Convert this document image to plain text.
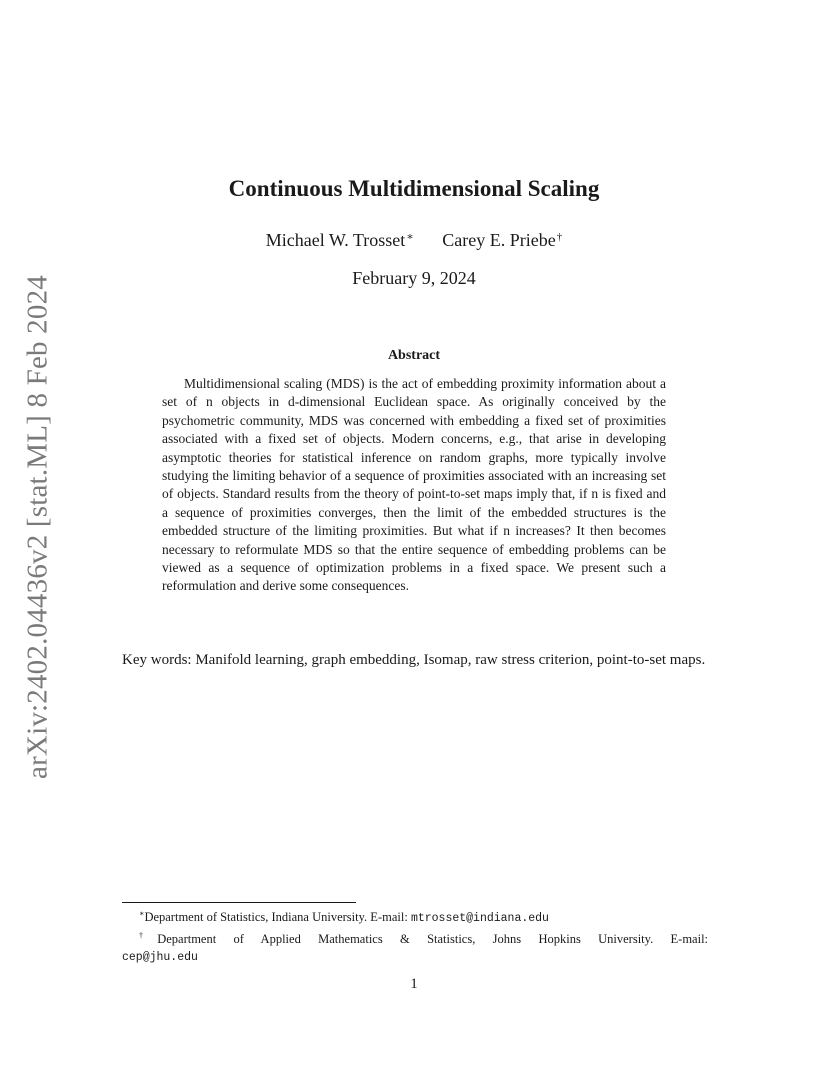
arXiv:2402.04436v2 [stat.ML] 8 Feb 2024
Continuous Multidimensional Scaling
Michael W. Trosset∗ Carey E. Priebe†
February 9, 2024
Abstract

Multidimensional scaling (MDS) is the act of embedding proximity information about a set of n objects in d-dimensional Euclidean space. As originally conceived by the psychometric community, MDS was concerned with embedding a fixed set of proximities associated with a fixed set of objects. Modern concerns, e.g., that arise in developing asymptotic theories for statistical inference on random graphs, more typically involve studying the limiting behavior of a sequence of proximities associated with an increasing set of objects. Standard results from the theory of point-to-set maps imply that, if n is fixed and a sequence of proximities converges, then the limit of the embedded structures is the embedded structure of the limiting proximities. But what if n increases? It then becomes necessary to reformulate MDS so that the entire sequence of embedding problems can be viewed as a sequence of optimization problems in a fixed space. We present such a reformulation and derive some consequences.

Key words: Manifold learning, graph embedding, Isomap, raw stress criterion, point-to-set maps.

∗Department of Statistics, Indiana University. E-mail: mtrosset@indiana.edu

†Department of Applied Mathematics & Statistics, Johns Hopkins University. E-mail:

cep@jhu.edu

1
